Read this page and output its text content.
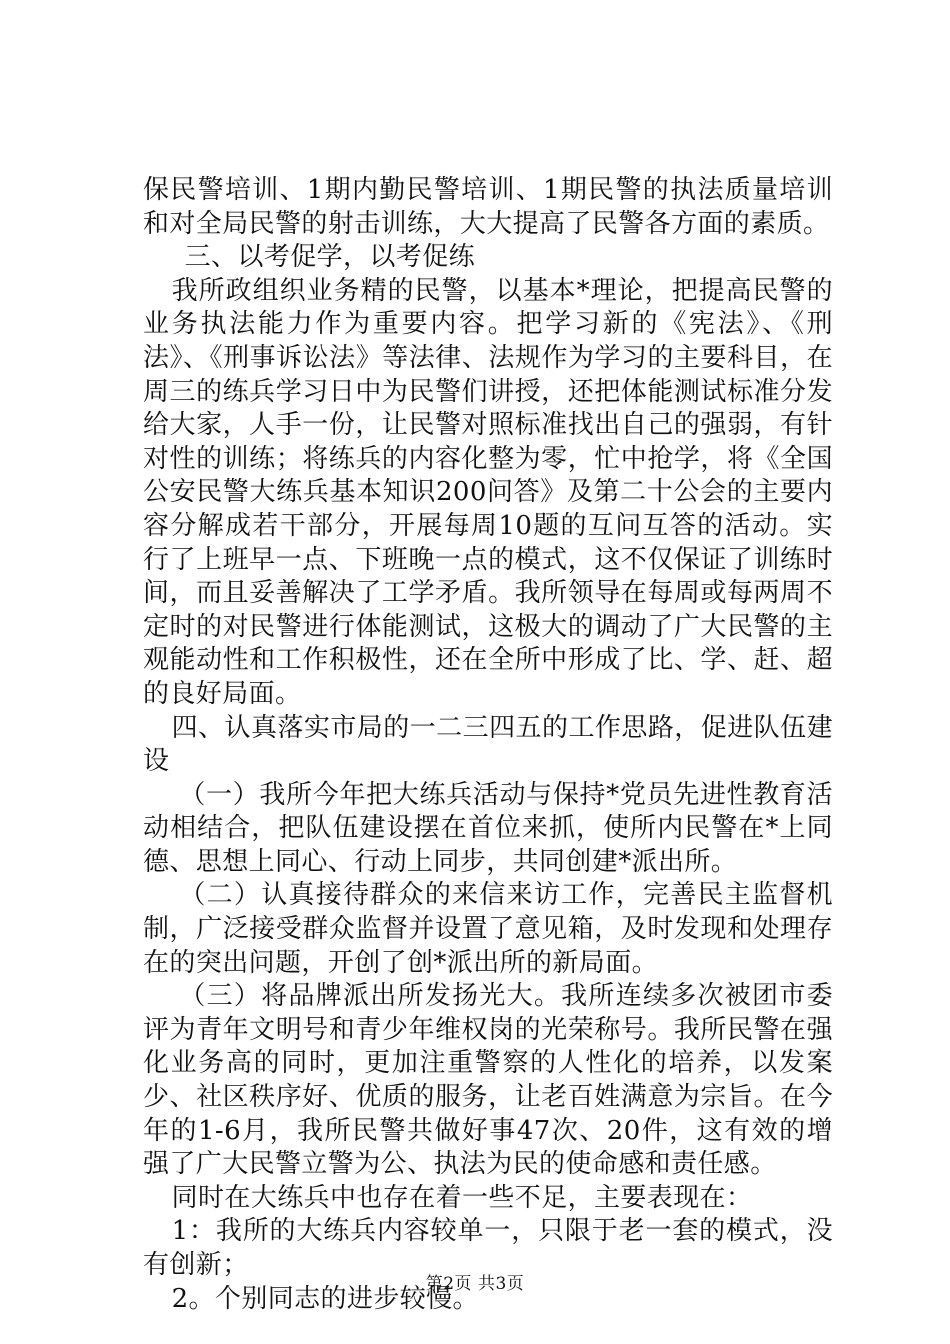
保民警培训、1期内勤民警培训、1期民警的执法质量培训和对全局民警的射击训练，大大提高了民警各方面的素质。

三、以考促学，以考促练

我所政组织业务精的民警，以基本*理论，把提高民警的业务执法能力作为重要内容。把学习新的《宪法》、《刑法》、《刑事诉讼法》等法律、法规作为学习的主要科目，在周三的练兵学习日中为民警们讲授，还把体能测试标准分发给大家，人手一份，让民警对照标准找出自己的强弱，有针对性的训练；将练兵的内容化整为零，忙中抢学，将《全国公安民警大练兵基本知识200问答》及第二十公会的主要内容分解成若干部分，开展每周10题的互问互答的活动。实行了上班早一点、下班晚一点的模式，这不仅保证了训练时间，而且妥善解决了工学矛盾。我所领导在每周或每两周不定时的对民警进行体能测试，这极大的调动了广大民警的主观能动性和工作积极性，还在全所中形成了比、学、赶、超的良好局面。

四、认真落实市局的一二三四五的工作思路，促进队伍建设

（一）我所今年把大练兵活动与保持*党员先进性教育活动相结合，把队伍建设摆在首位来抓，使所内民警在*上同德、思想上同心、行动上同步，共同创建*派出所。

（二）认真接待群众的来信来访工作，完善民主监督机制，广泛接受群众监督并设置了意见箱，及时发现和处理存在的突出问题，开创了创*派出所的新局面。

（三）将品牌派出所发扬光大。我所连续多次被团市委评为青年文明号和青少年维权岗的光荣称号。我所民警在强化业务高的同时，更加注重警察的人性化的培养，以发案少、社区秩序好、优质的服务，让老百姓满意为宗旨。在今年的1-6月，我所民警共做好事47次、20件，这有效的增强了广大民警立警为公、执法为民的使命感和责任感。

同时在大练兵中也存在着一些不足，主要表现在：

1：我所的大练兵内容较单一，只限于老一套的模式，没有创新；

2。个别同志的进步较慢。

第2页 共3页
